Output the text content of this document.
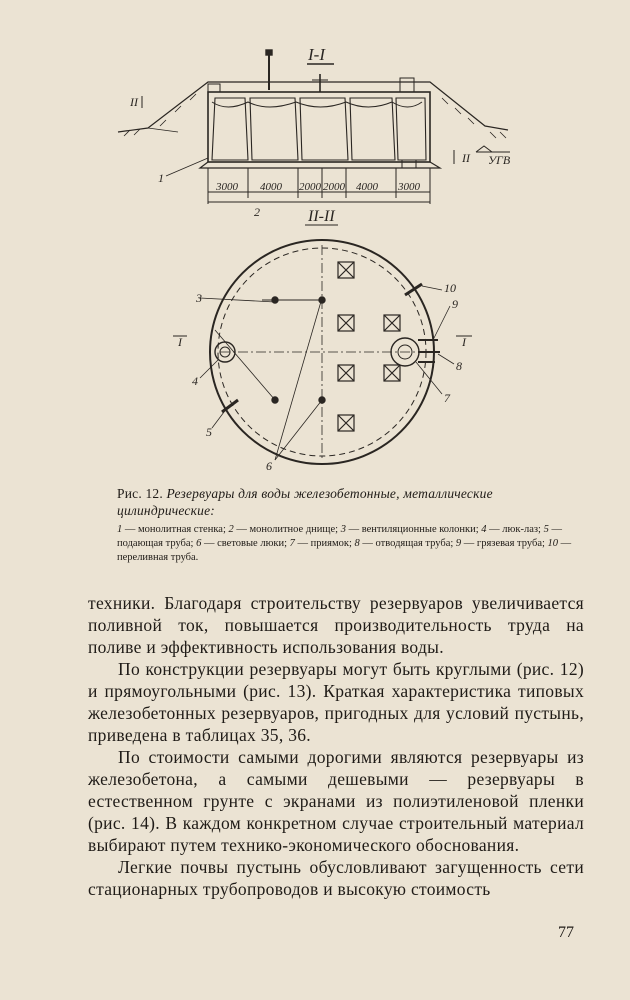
I-I
II
II УГВ
1
3000 4000 2000 2000 4000 3000
2	II-II
I	I
3
4
5
6
7
8
9
10
Рис. 12. Резервуары для воды железобетонные, металлические цилиндрические:
1 — монолитная стенка; 2 — монолитное днище; 3 — вентиляционные колонки; 4 — люк-лаз; 5 — подающая труба; 6 — световые люки; 7 — приямок; 8 — отводящая труба; 9 — грязевая труба; 10 — переливная труба.

техники. Благодаря строительству резервуаров увеличивается поливной ток, повышается производительность труда на поливе и эффективность использования воды.

По конструкции резервуары могут быть круглыми (рис. 12) и прямоугольными (рис. 13). Краткая характеристика типовых железобетонных резервуаров, пригодных для условий пустынь, приведена в таблицах 35, 36.

По стоимости самыми дорогими являются резервуары из железобетона, а самыми дешевыми — резервуары в естественном грунте с экранами из полиэтиленовой пленки (рис. 14). В каждом конкретном случае строительный материал выбирают путем технико-экономического обоснования.

Легкие почвы пустынь обусловливают загущенность сети стационарных трубопроводов и высокую стоимость

77
